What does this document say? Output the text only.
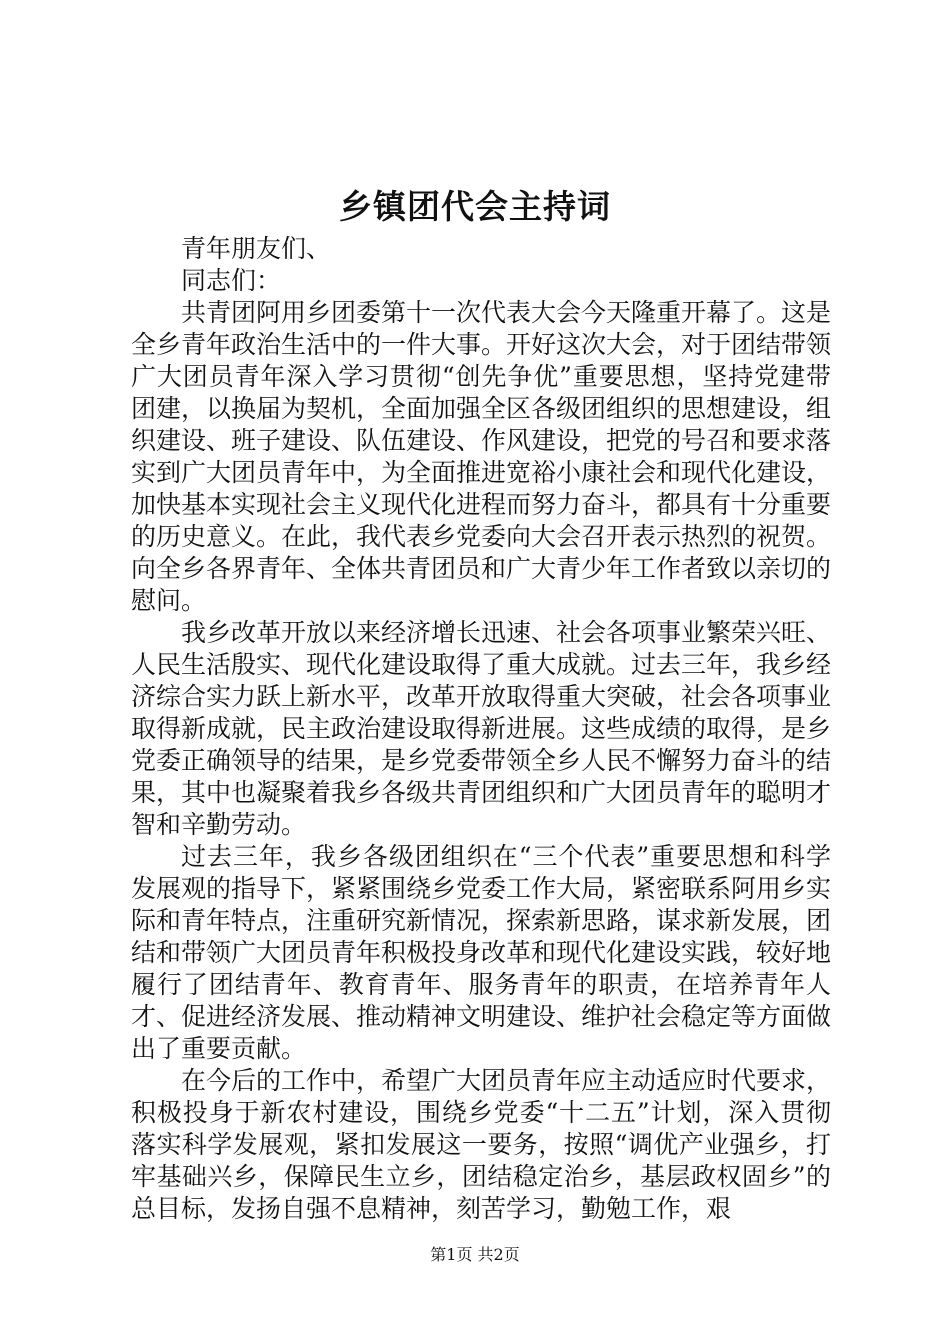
乡镇团代会主持词

青年朋友们、

同志们：

共青团阿用乡团委第十一次代表大会今天隆重开幕了。这是全乡青年政治生活中的一件大事。开好这次大会，对于团结带领广大团员青年深入学习贯彻“创先争优”重要思想，坚持党建带团建，以换届为契机，全面加强全区各级团组织的思想建设，组织建设、班子建设、队伍建设、作风建设，把党的号召和要求落实到广大团员青年中，为全面推进宽裕小康社会和现代化建设，加快基本实现社会主义现代化进程而努力奋斗，都具有十分重要的历史意义。在此，我代表乡党委向大会召开表示热烈的祝贺。向全乡各界青年、全体共青团员和广大青少年工作者致以亲切的慰问。

我乡改革开放以来经济增长迅速、社会各项事业繁荣兴旺、人民生活殷实、现代化建设取得了重大成就。过去三年，我乡经济综合实力跃上新水平，改革开放取得重大突破，社会各项事业取得新成就，民主政治建设取得新进展。这些成绩的取得，是乡党委正确领导的结果，是乡党委带领全乡人民不懈努力奋斗的结果，其中也凝聚着我乡各级共青团组织和广大团员青年的聪明才智和辛勤劳动。

过去三年，我乡各级团组织在“三个代表”重要思想和科学发展观的指导下，紧紧围绕乡党委工作大局，紧密联系阿用乡实际和青年特点，注重研究新情况，探索新思路，谋求新发展，团结和带领广大团员青年积极投身改革和现代化建设实践，较好地履行了团结青年、教育青年、服务青年的职责，在培养青年人才、促进经济发展、推动精神文明建设、维护社会稳定等方面做出了重要贡献。

在今后的工作中，希望广大团员青年应主动适应时代要求，积极投身于新农村建设，围绕乡党委“十二五”计划，深入贯彻落实科学发展观，紧扣发展这一要务，按照“调优产业强乡，打牢基础兴乡，保障民生立乡，团结稳定治乡，基层政权固乡”的总目标，发扬自强不息精神，刻苦学习，勤勉工作，艰

第1页 共2页
